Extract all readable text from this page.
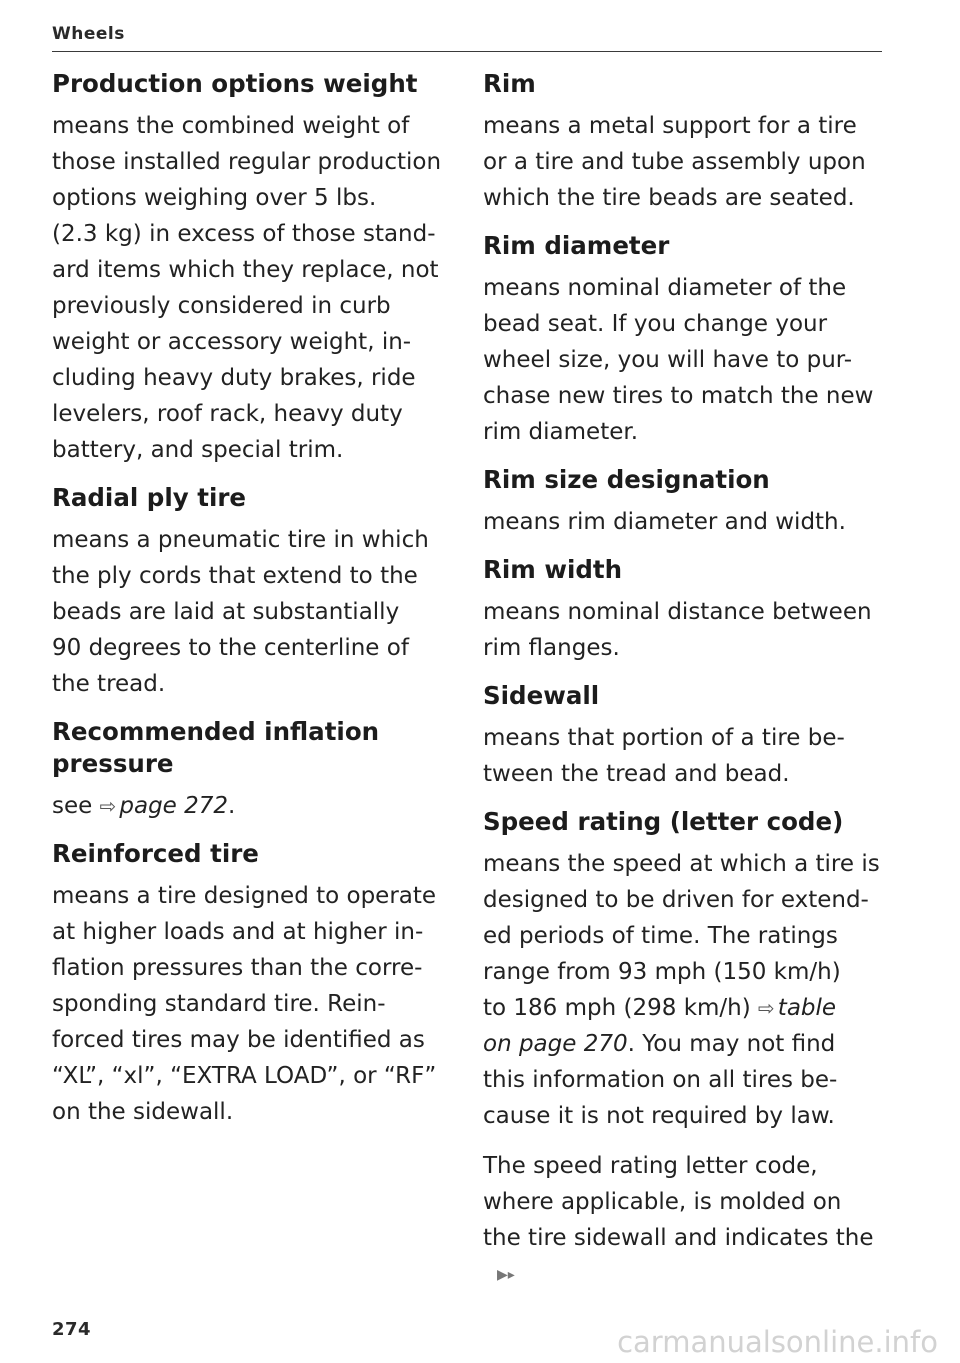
Wheels
Production options weight

means the combined weight of

those installed regular production

options weighing over 5 lbs.

(2.3 kg) in excess of those stand-

ard items which they replace, not

previously considered in curb

weight or accessory weight, in-

cluding heavy duty brakes, ride

levelers, roof rack, heavy duty

battery, and special trim.

Radial ply tire

means a pneumatic tire in which

the ply cords that extend to the

beads are laid at substantially

90 degrees to the centerline of

the tread.

Recommended inflation
pressure

see ⇨ page 272.

Reinforced tire

means a tire designed to operate

at higher loads and at higher in-

flation pressures than the corre-

sponding standard tire. Rein-

forced tires may be identified as

“XL”, “xl”, “EXTRA LOAD”, or “RF”

on the sidewall.

Rim

means a metal support for a tire

or a tire and tube assembly upon

which the tire beads are seated.

Rim diameter

means nominal diameter of the

bead seat. If you change your

wheel size, you will have to pur-

chase new tires to match the new

rim diameter.

Rim size designation

means rim diameter and width.

Rim width

means nominal distance between

rim flanges.

Sidewall

means that portion of a tire be-

tween the tread and bead.

Speed rating (letter code)

means the speed at which a tire is

designed to be driven for extend-

ed periods of time. The ratings

range from 93 mph (150 km/h)

to 186 mph (298 km/h) ⇨ table

on page 270. You may not find

this information on all tires be-

cause it is not required by law.

The speed rating letter code,

where applicable, is molded on

the tire sidewall and indicates the▶▸

274	carmanualsonline.info
